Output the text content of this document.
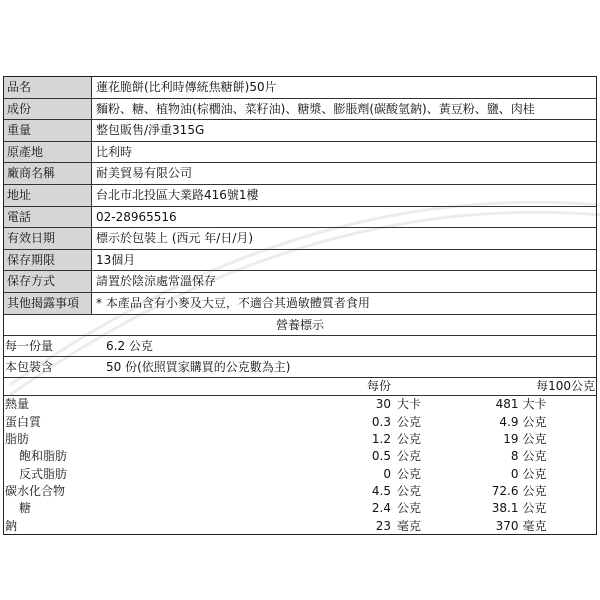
品名	蓮花脆餅(比利時傳統焦糖餅)50片
成份	麵粉、糖、植物油(棕櫚油、菜籽油)、糖漿、膨脹劑(碳酸氫鈉)、黃豆粉、鹽、肉桂
重量	整包販售/淨重315G
原產地	比利時
廠商名稱	耐美貿易有限公司
地址	台北市北投區大業路416號1樓
電話	02-28965516
有效日期	標示於包裝上 (西元 年/日/月)
保存期限	13個月
保存方式	請置於陰涼處常溫保存
其他揭露事項	* 本產品含有小麥及大豆，不適合其過敏體質者食用
營養標示
每一份量	6.2 公克
本包裝含	50 份(依照買家購買的公克數為主)
	每份		每100公克	
熱量	30	大卡	481	大卡
蛋白質	0.3	公克	4.9	公克
脂肪	1.2	公克	19	公克
飽和脂肪	0.5	公克	8	公克
反式脂肪	0	公克	0	公克
碳水化合物	4.5	公克	72.6	公克
糖	2.4	公克	38.1	公克
鈉	23	毫克	370	毫克
